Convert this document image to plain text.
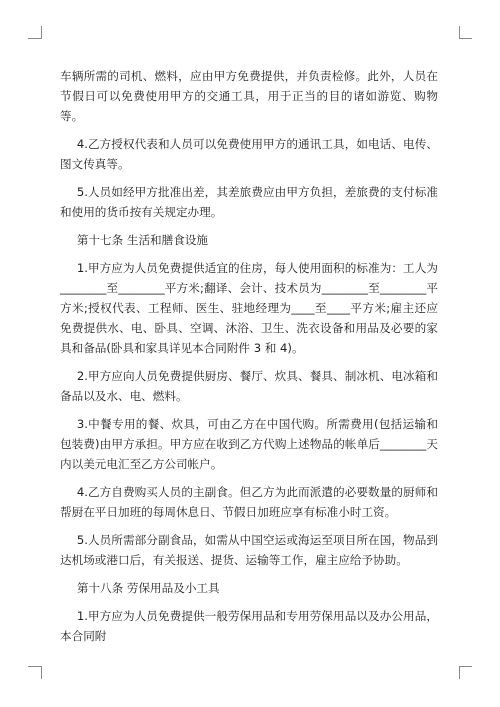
车辆所需的司机、燃料，应由甲方免费提供，并负责检修。此外，人员在节假日可以免费使用甲方的交通工具，用于正当的目的诸如游览、购物等。

4.乙方授权代表和人员可以免费使用甲方的通讯工具，如电话、电传、图文传真等。

5.人员如经甲方批准出差，其差旅费应由甲方负担，差旅费的支付标准和使用的货币按有关规定办理。

第十七条 生活和膳食设施

1.甲方应为人员免费提供适宜的住房，每人使用面积的标准为：工人为________至________平方米;翻译、会计、技术员为________至________平方米;授权代表、工程师、医生、驻地经理为____至____平方米;雇主还应免费提供水、电、卧具、空调、沐浴、卫生、洗衣设备和用品及必要的家具和备品(卧具和家具详见本合同附件 3 和 4)。

2.甲方应向人员免费提供厨房、餐厅、炊具、餐具、制冰机、电冰箱和备品以及水、电、燃料。

3.中餐专用的餐、炊具，可由乙方在中国代购。所需费用(包括运输和包装费)由甲方承担。甲方应在收到乙方代购上述物品的帐单后________天内以美元电汇至乙方公司帐户。

4.乙方自费购买人员的主副食。但乙方为此而派遣的必要数量的厨师和帮厨在平日加班的每周休息日、节假日加班应享有标准小时工资。

5.人员所需部分副食品，如需从中国空运或海运至项目所在国，物品到达机场或港口后，有关报送、提货、运输等工作，雇主应给予协助。

第十八条 劳保用品及小工具

1.甲方应为人员免费提供一般劳保用品和专用劳保用品以及办公用品，本合同附
